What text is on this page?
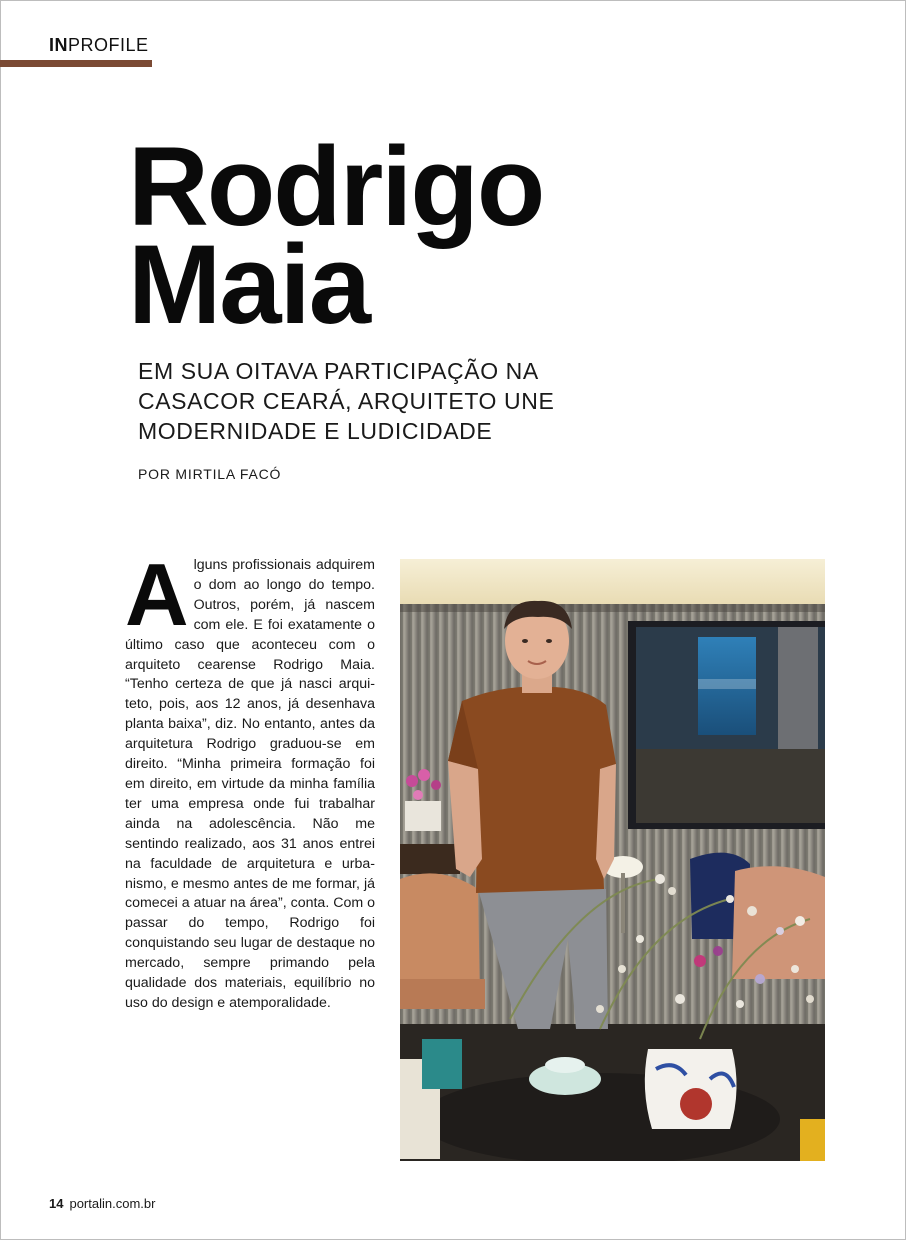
INPROFILE
Rodrigo
Maia
EM SUA OITAVA PARTICIPAÇÃO NA CASACOR CEARÁ, ARQUITETO UNE MODERNIDADE E LUDICIDADE
POR MIRTILA FACÓ
Alguns profissionais adquirem o dom ao longo do tempo. Outros, porém, já nascem com ele. E foi exatamente o último caso que aconteceu com o arquiteto cearense Rodrigo Maia. “Tenho certeza de que já nasci arquiteto, pois, aos 12 anos, já desenhava planta baixa”, diz. No entanto, antes da arquitetura Rodrigo graduou-se em direito. “Minha primeira formação foi em direito, em virtude da minha família ter uma empresa onde fui trabalhar ainda na adolescência. Não me sentindo realizado, aos 31 anos entrei na faculdade de arquitetura e urbanismo, e mesmo antes de me formar, já comecei a atuar na área”, conta. Com o passar do tempo, Rodrigo foi conquistando seu lugar de destaque no mercado, sempre primando pela qualidade dos materiais, equilíbrio no uso do design e atemporalidade.
14 portalin.com.br
